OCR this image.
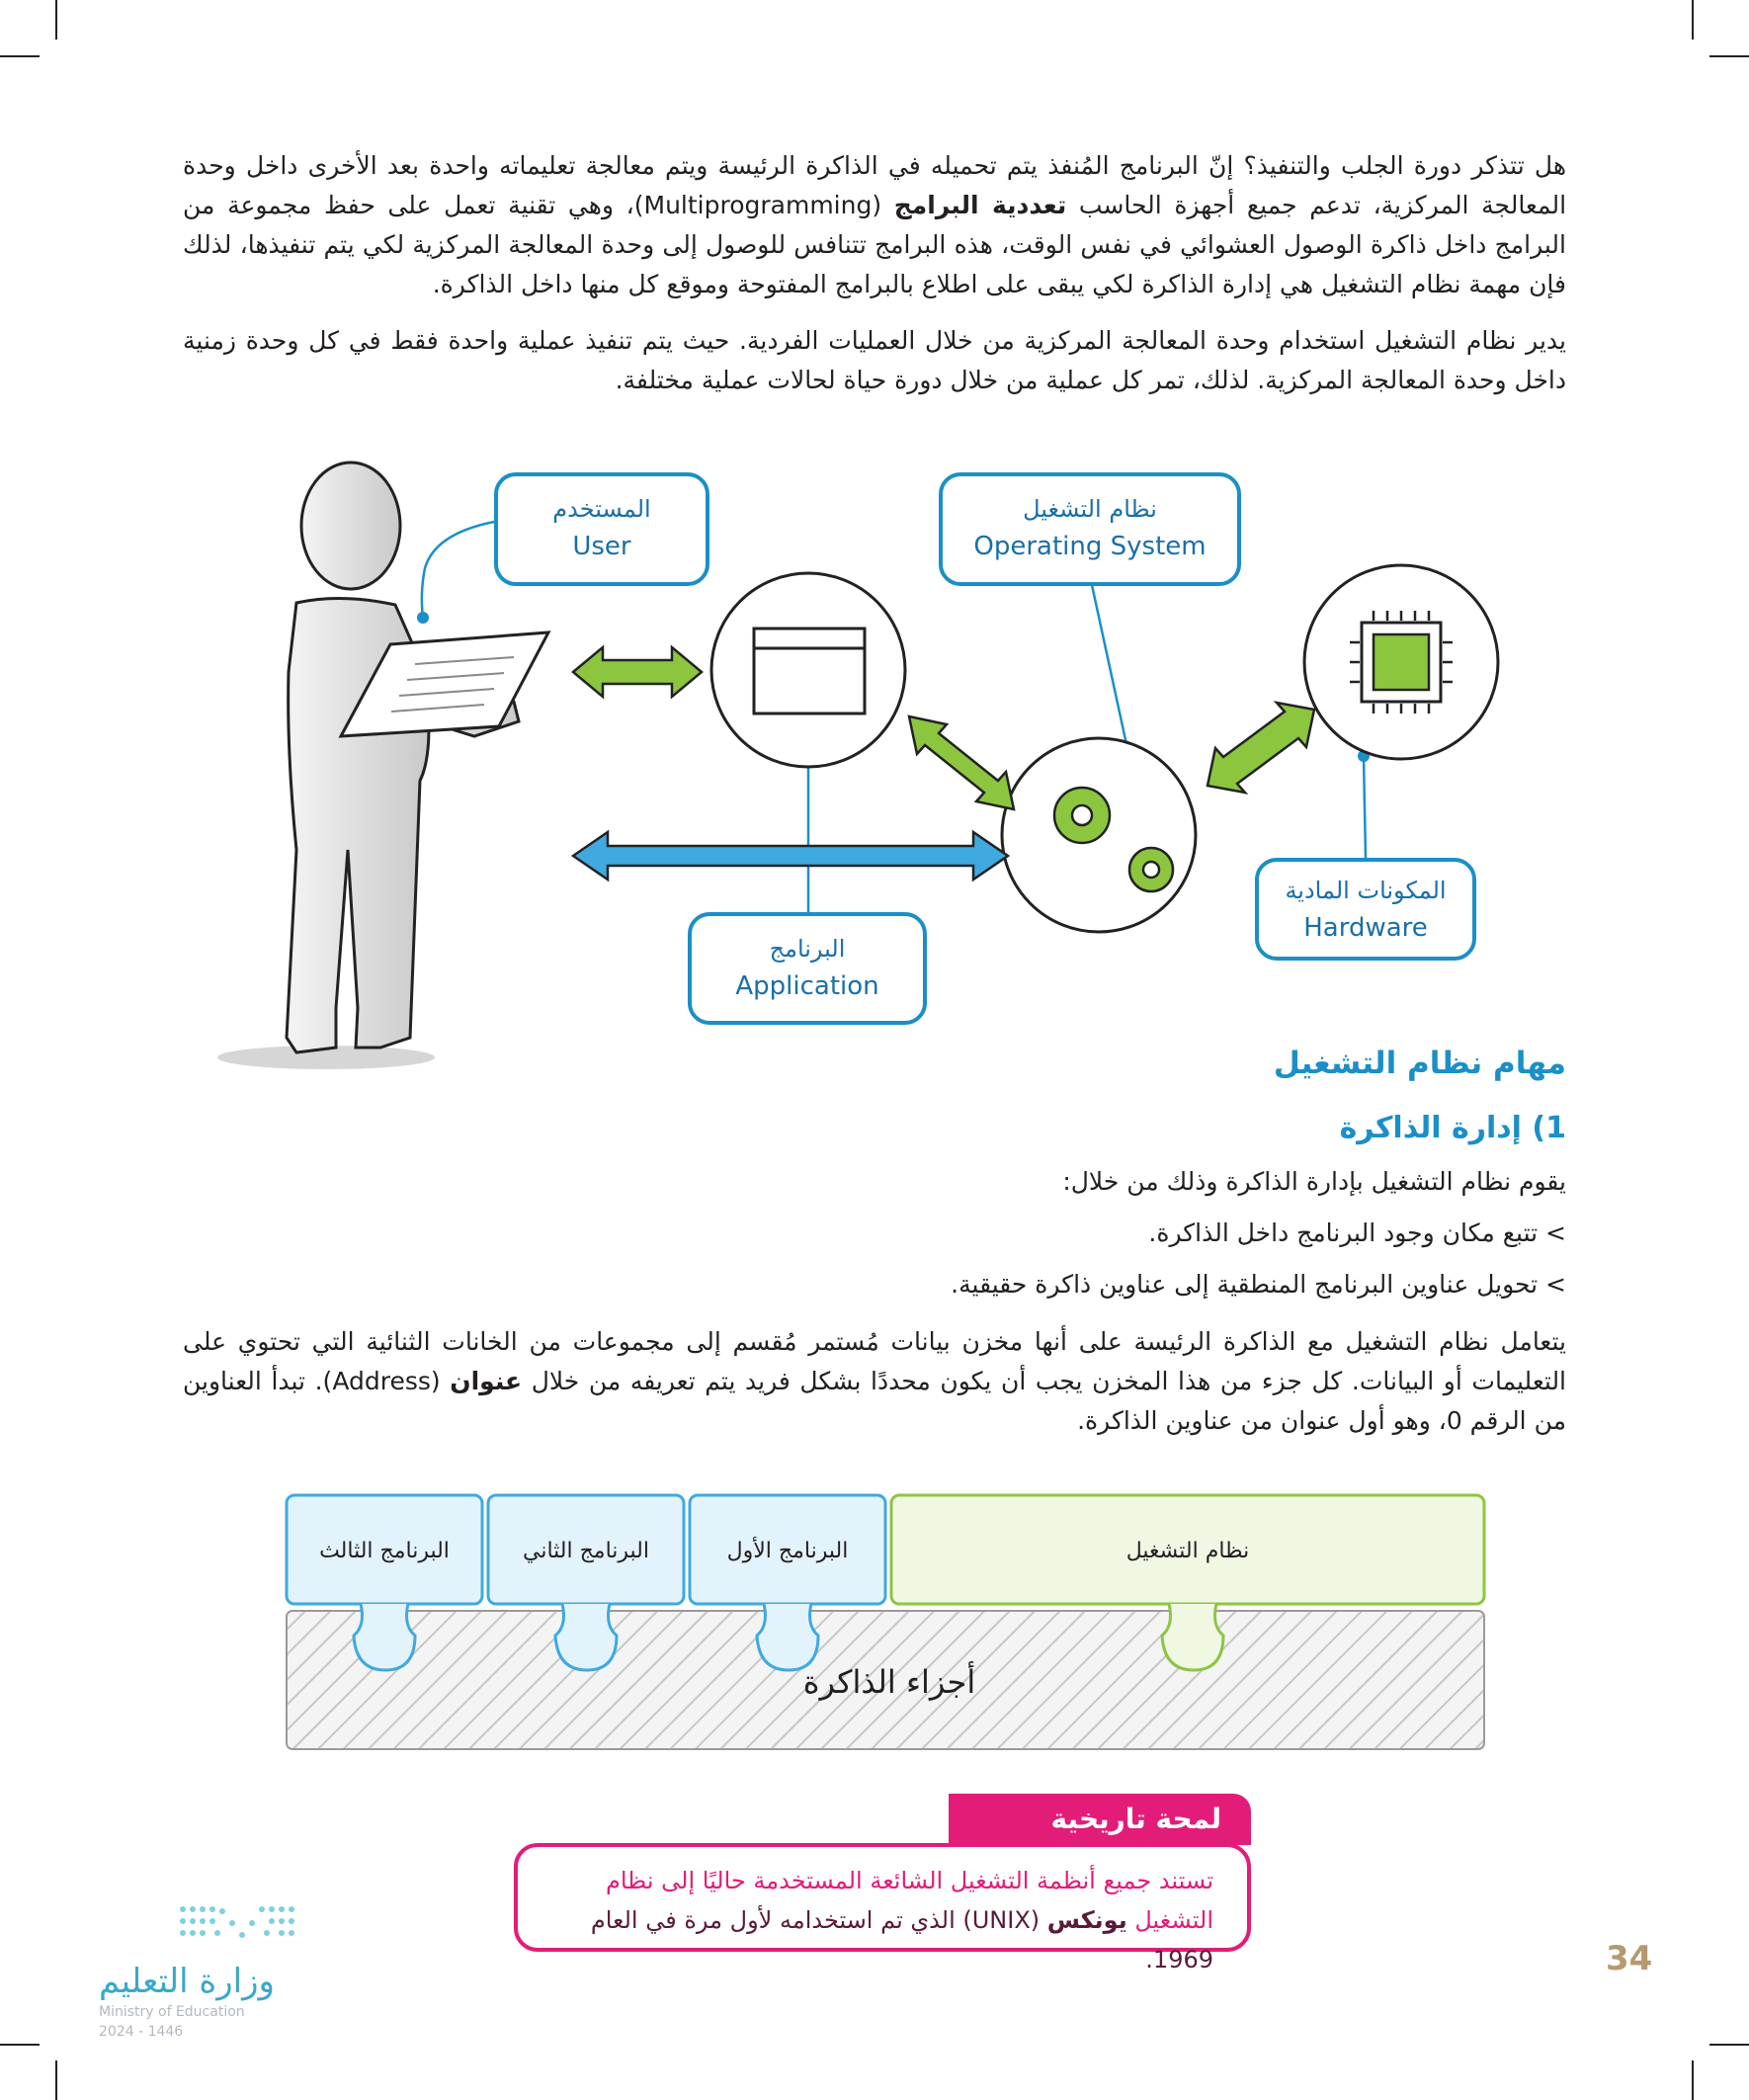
هل تتذكر دورة الجلب والتنفيذ؟ إنّ البرنامج المُنفذ يتم تحميله في الذاكرة الرئيسة ويتم معالجة تعليماته واحدة بعد الأخرى داخل وحدة المعالجة المركزية، تدعم جميع أجهزة الحاسب تعددية البرامج (Multiprogramming)، وهي تقنية تعمل على حفظ مجموعة من البرامج داخل ذاكرة الوصول العشوائي في نفس الوقت، هذه البرامج تتنافس للوصول إلى وحدة المعالجة المركزية لكي يتم تنفيذها، لذلك فإن مهمة نظام التشغيل هي إدارة الذاكرة لكي يبقى على اطلاع بالبرامج المفتوحة وموقع كل منها داخل الذاكرة.

يدير نظام التشغيل استخدام وحدة المعالجة المركزية من خلال العمليات الفردية. حيث يتم تنفيذ عملية واحدة فقط في كل وحدة زمنية داخل وحدة المعالجة المركزية. لذلك، تمر كل عملية من خلال دورة حياة لحالات عملية مختلفة.

المستخدم
User
نظام التشغيل
Operating System
المكونات المادية
Hardware
البرنامج
Application
مهام نظام التشغيل
1) إدارة الذاكرة
يقوم نظام التشغيل بإدارة الذاكرة وذلك من خلال:
> تتبع مكان وجود البرنامج داخل الذاكرة.
> تحويل عناوين البرنامج المنطقية إلى عناوين ذاكرة حقيقية.

يتعامل نظام التشغيل مع الذاكرة الرئيسة على أنها مخزن بيانات مُستمر مُقسم إلى مجموعات من الخانات الثنائية التي تحتوي على التعليمات أو البيانات. كل جزء من هذا المخزن يجب أن يكون محددًا بشكل فريد يتم تعريفه من خلال عنوان (Address). تبدأ العناوين من الرقم 0، وهو أول عنوان من عناوين الذاكرة.

نظام التشغيل
البرنامج الأول
البرنامج الثاني
البرنامج الثالث
أجزاء الذاكرة
لمحة تاريخية
تستند جميع أنظمة التشغيل الشائعة المستخدمة حاليًا إلى نظام التشغيل يونكس (UNIX) الذي تم استخدامه لأول مرة في العام 1969.	34
وزارة التعليم
Ministry of Education
2024 - 1446
